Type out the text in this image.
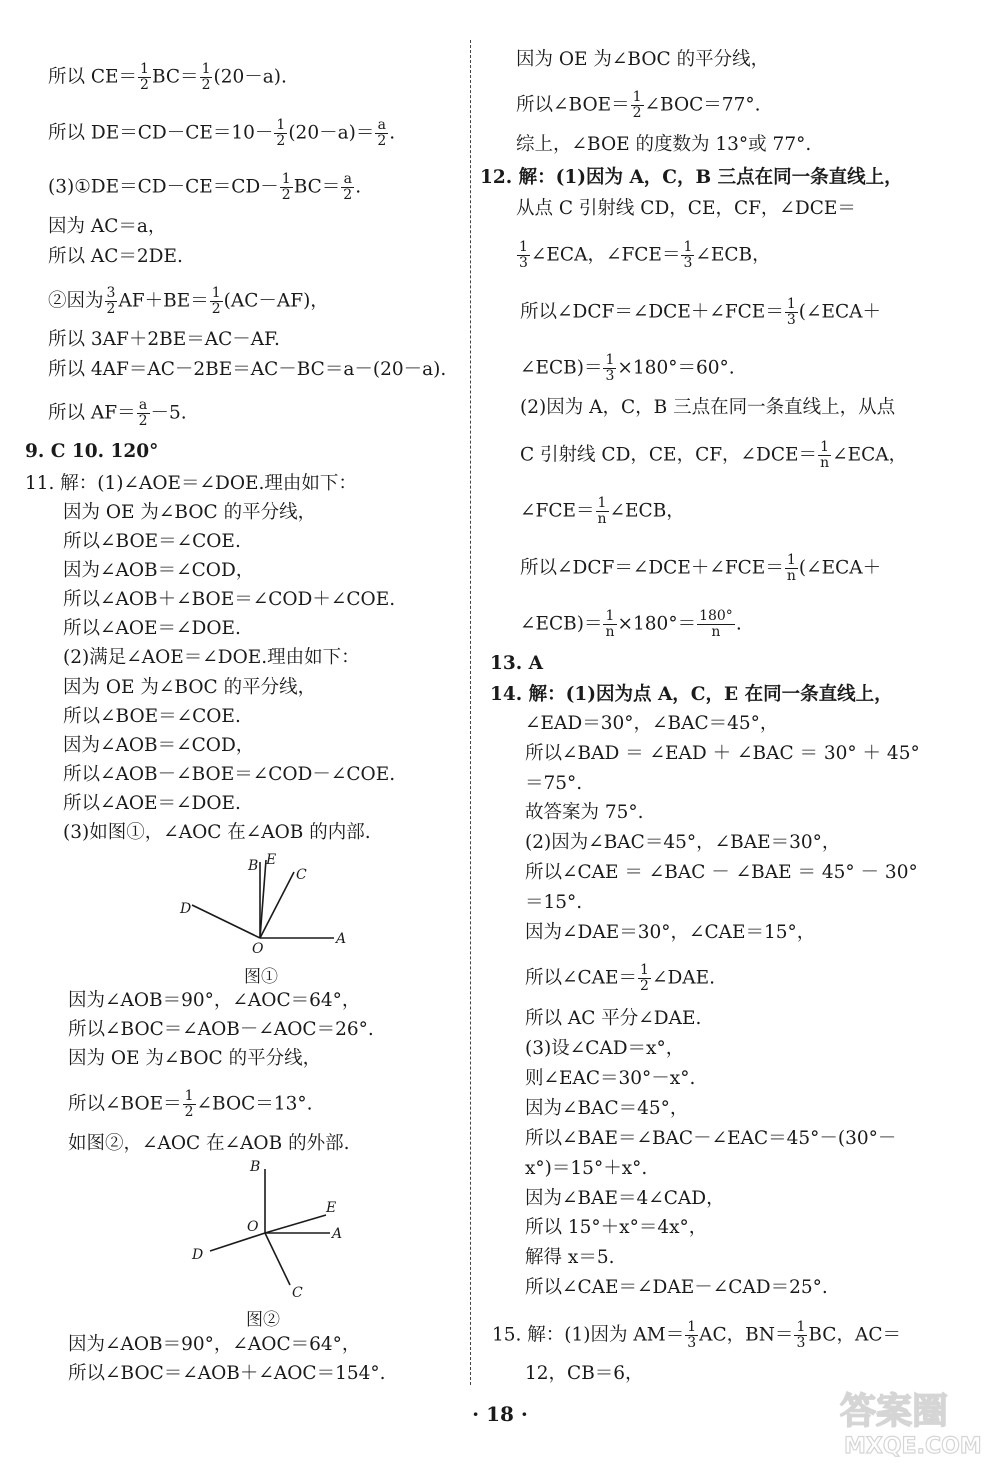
所以 $CE= \frac{1}{2} BC= \frac{1}{2} (20-a)$.
所以 $DE=CD-CE=10- \frac{1}{2} (20-a)= \frac{a}{2}$ .
(3)①DE＝CD－CE＝CD－ $\frac{1}{2} BC= \frac{a}{2}$ .
因为 AC＝a，
所以 AC＝2DE.
②因为 $\frac{3}{2} AF+BE= \frac{1}{2} (AC-AF)$，
所以 3AF＋2BE＝AC－AF.
所以 4AF＝AC－2BE＝AC－BC＝a－(20－a).
所以 $AF= \frac{a}{2} -5$.
9. C 10. 120°
11. 解：(1)∠AOE＝∠DOE.理由如下：
因为 OE 为∠BOC 的平分线，
所以∠BOE＝∠COE.
因为∠AOB＝∠COD，
所以∠AOB＋∠BOE＝∠COD＋∠COE.
所以∠AOE＝∠DOE.
(2)满足∠AOE＝∠DOE.理由如下：
因为 OE 为∠BOC 的平分线，
所以∠BOE＝∠COE.
因为∠AOB＝∠COD，
所以∠AOB－∠BOE＝∠COD－∠COE.
所以∠AOE＝∠DOE.
(3)如图①，∠AOC 在∠AOB 的内部.
B E
C
D
O
A
图①
因为∠AOB＝90°，∠AOC＝64°，
所以∠BOC＝∠AOB－∠AOC＝26°.
因为 OE 为∠BOC 的平分线，
所以∠BOE＝ $\frac{1}{2}$ ∠BOC＝13°.
如图②，∠AOC 在∠AOB 的外部.
B
E
O	A
D
C
图②
因为∠AOB＝90°，∠AOC＝64°，
所以∠BOC＝∠AOB＋∠AOC＝154°.
因为 OE 为∠BOC 的平分线，
所以∠BOE＝ $\frac{1}{2}$ ∠BOC＝77°.
综上，∠BOE 的度数为 13°或 77°.
12. 解：(1)因为 A，C，B 三点在同一条直线上，
从点 C 引射线 CD，CE，CF，∠DCE＝
$\frac{1}{3}$ ∠ECA，∠FCE＝ $\frac{1}{3}$ ∠ECB，
所以∠DCF＝∠DCE＋∠FCE＝ $\frac{1}{3}$ (∠ECA＋
∠ECB)＝ $\frac{1}{3} \times 180^\circ=60^\circ$.
(2)因为 A，C，B 三点在同一条直线上，从点
C 引射线 CD，CE，CF，∠DCE＝ $\frac{1}{n}$ ∠ECA，
∠FCE＝ $\frac{1}{n}$ ∠ECB，
所以∠DCF＝∠DCE＋∠FCE＝ $\frac{1}{n}$ (∠ECA＋
∠ECB)＝ $\frac{1}{n} \times 180^\circ= \frac{180^\circ}{n}$ .
13. A
14. 解：(1)因为点 A，C，E 在同一条直线上，
∠EAD＝30°，∠BAC＝45°，
所以∠BAD ＝ ∠EAD ＋ ∠BAC ＝ 30° ＋ 45°
＝75°.
故答案为 75°.
(2)因为∠BAC＝45°，∠BAE＝30°，
所以∠CAE ＝ ∠BAC － ∠BAE ＝ 45° － 30°
＝15°.
因为∠DAE＝30°，∠CAE＝15°，
所以∠CAE＝ $\frac{1}{2}$ ∠DAE.
所以 AC 平分∠DAE.
(3)设∠CAD＝x°，
则∠EAC＝30°－x°.
因为∠BAC＝45°，
所以∠BAE＝∠BAC－∠EAC＝45°－(30°－
x°)＝15°＋x°.
因为∠BAE＝4∠CAD，
所以 15°＋x°＝4x°，
解得 x＝5.
所以∠CAE＝∠DAE－∠CAD＝25°.
15. 解：(1)因为 $AM= \frac{1}{3}$ AC，$BN= \frac{1}{3}$ BC，AC＝
12，CB＝6，
· 18 ·	答案圈
MXQE.COM
